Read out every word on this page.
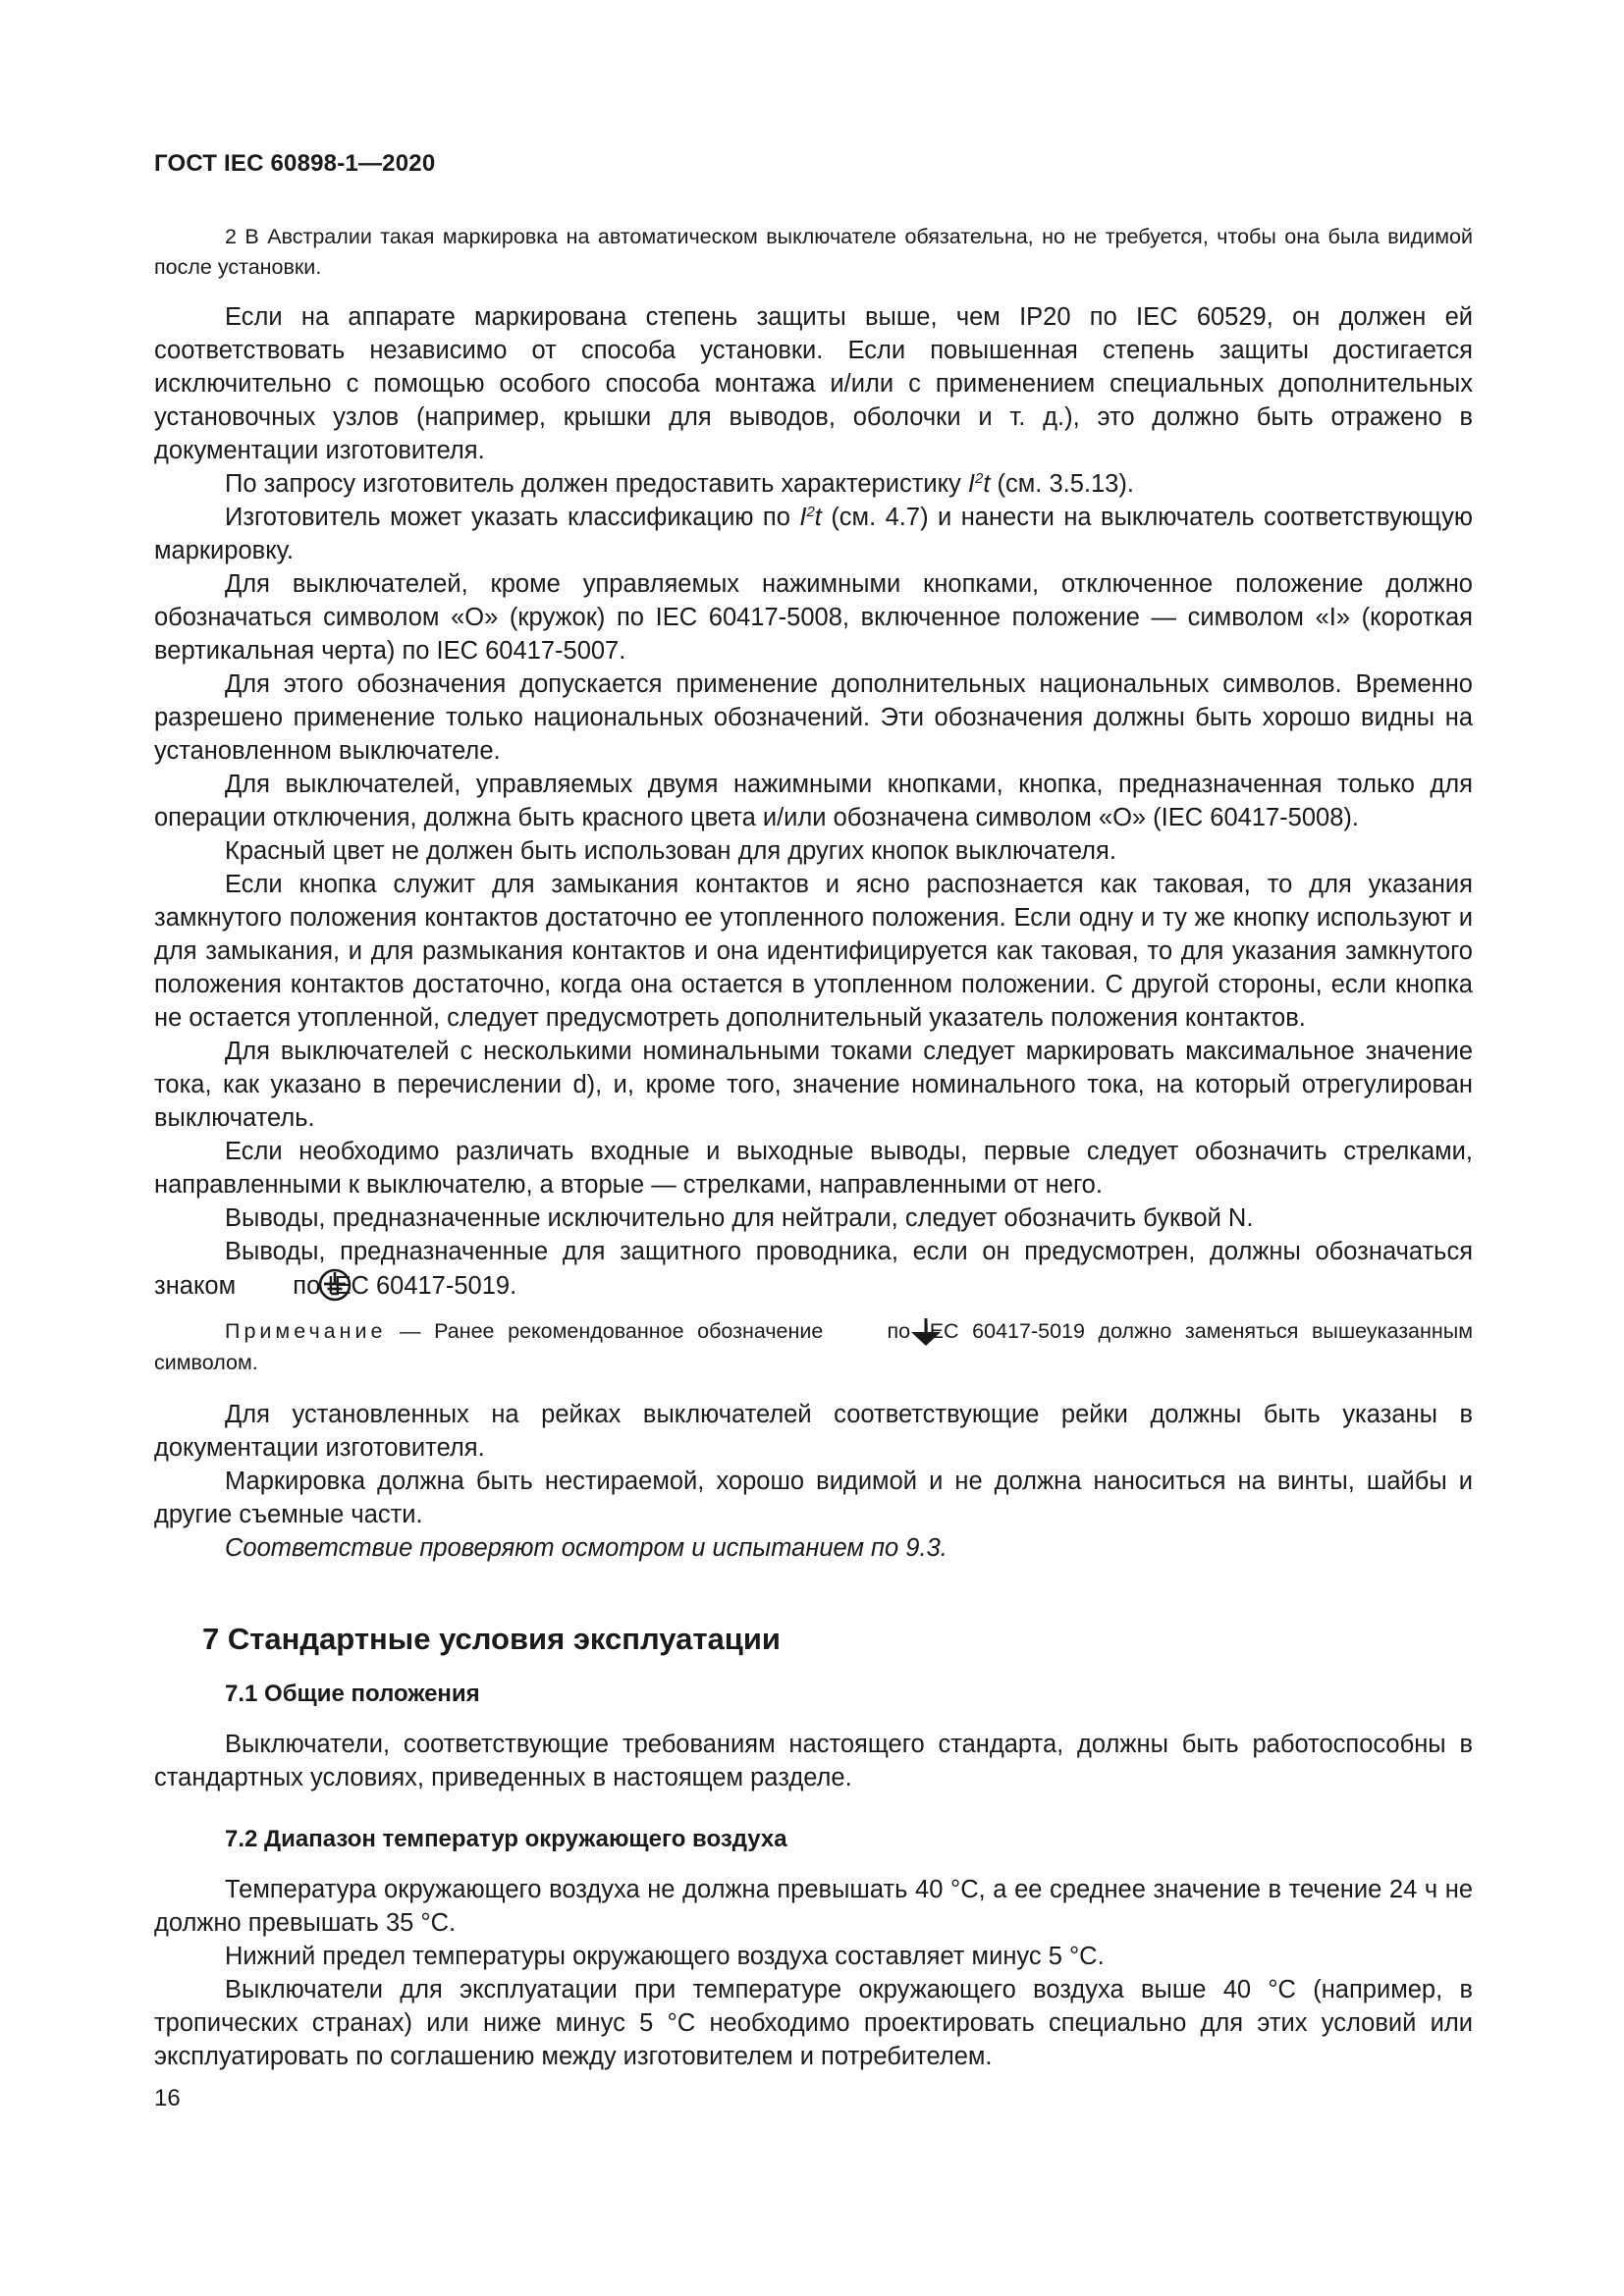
ГОСТ IEC 60898-1—2020

2 В Австралии такая маркировка на автоматическом выключателе обязательна, но не требуется, чтобы она была видимой после установки.

Если на аппарате маркирована степень защиты выше, чем IP20 по IEC 60529, он должен ей соответствовать независимо от способа установки. Если повышенная степень защиты достигается исключительно с помощью особого способа монтажа и/или с применением специальных дополнительных установочных узлов (например, крышки для выводов, оболочки и т. д.), это должно быть отражено в документации изготовителя.

По запросу изготовитель должен предоставить характеристику $I^2t$ (см. 3.5.13).

Изготовитель может указать классификацию по $I^2t$ (см. 4.7) и нанести на выключатель соответствующую маркировку.

Для выключателей, кроме управляемых нажимными кнопками, отключенное положение должно обозначаться символом «О» (кружок) по IEC 60417-5008, включенное положение — символом «I» (короткая вертикальная черта) по IEC 60417-5007.

Для этого обозначения допускается применение дополнительных национальных символов. Временно разрешено применение только национальных обозначений. Эти обозначения должны быть хорошо видны на установленном выключателе.

Для выключателей, управляемых двумя нажимными кнопками, кнопка, предназначенная только для операции отключения, должна быть красного цвета и/или обозначена символом «О» (IEC 60417-5008).

Красный цвет не должен быть использован для других кнопок выключателя.

Если кнопка служит для замыкания контактов и ясно распознается как таковая, то для указания замкнутого положения контактов достаточно ее утопленного положения. Если одну и ту же кнопку используют и для замыкания, и для размыкания контактов и она идентифицируется как таковая, то для указания замкнутого положения контактов достаточно, когда она остается в утопленном положении. С другой стороны, если кнопка не остается утопленной, следует предусмотреть дополнительный указатель положения контактов.

Для выключателей с несколькими номинальными токами следует маркировать максимальное значение тока, как указано в перечислении d), и, кроме того, значение номинального тока, на который отрегулирован выключатель.

Если необходимо различать входные и выходные выводы, первые следует обозначить стрелками, направленными к выключателю, а вторые — стрелками, направленными от него.

Выводы, предназначенные исключительно для нейтрали, следует обозначить буквой N.

Выводы, предназначенные для защитного проводника, если он предусмотрен, должны обозначаться знаком  по IEC 60417-5019.

Примечание — Ранее рекомендованное обозначение  по IEC 60417-5019 должно заменяться вышеуказанным символом.

Для установленных на рейках выключателей соответствующие рейки должны быть указаны в документации изготовителя.

Маркировка должна быть нестираемой, хорошо видимой и не должна наноситься на винты, шайбы и другие съемные части.

Соответствие проверяют осмотром и испытанием по 9.3.

7 Стандартные условия эксплуатации
7.1 Общие положения

Выключатели, соответствующие требованиям настоящего стандарта, должны быть работоспособны в стандартных условиях, приведенных в настоящем разделе.

7.2 Диапазон температур окружающего воздуха

Температура окружающего воздуха не должна превышать 40 °С, а ее среднее значение в течение 24 ч не должно превышать 35 °С.

Нижний предел температуры окружающего воздуха составляет минус 5 °С.

Выключатели для эксплуатации при температуре окружающего воздуха выше 40 °С (например, в тропических странах) или ниже минус 5 °С необходимо проектировать специально для этих условий или эксплуатировать по соглашению между изготовителем и потребителем.

16
